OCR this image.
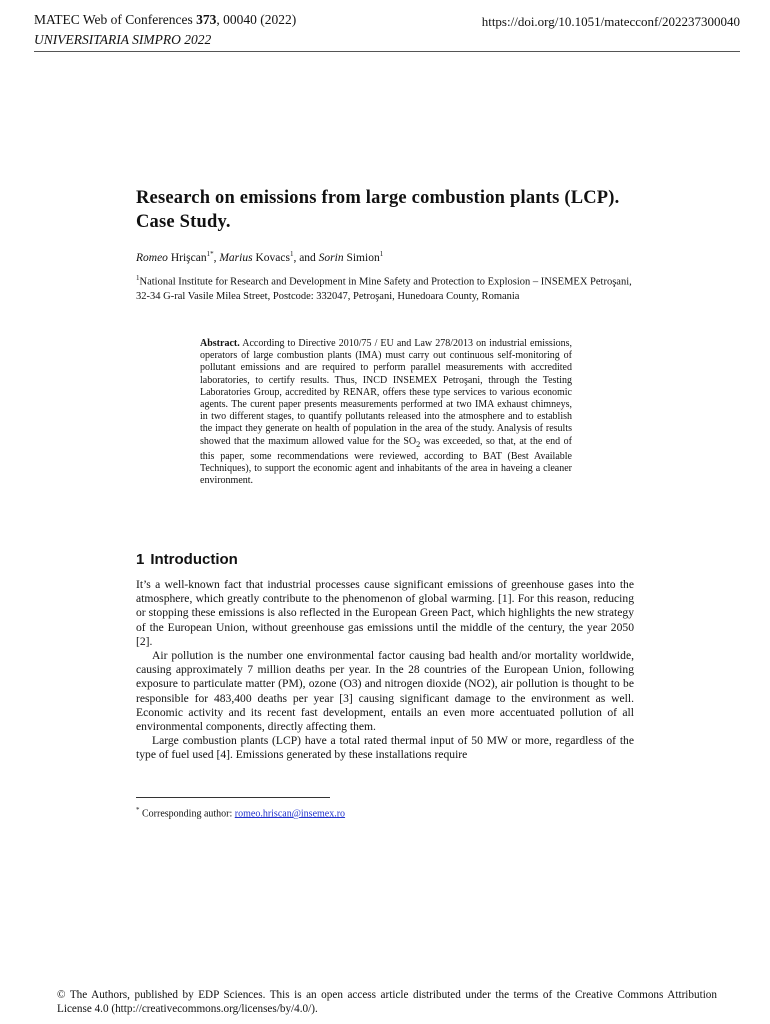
MATEC Web of Conferences 373, 00040 (2022)
UNIVERSITARIA SIMPRO 2022
https://doi.org/10.1051/matecconf/202237300040
Research on emissions from large combustion plants (LCP). Case Study.
Romeo Hrişcan$^{1*}$, Marius Kovacs$^1$, and Sorin Simion$^1$
$^1$National Institute for Research and Development in Mine Safety and Protection to Explosion – INSEMEX Petroşani, 32-34 G-ral Vasile Milea Street, Postcode: 332047, Petroşani, Hunedoara County, Romania
Abstract. According to Directive 2010/75 / EU and Law 278/2013 on industrial emissions, operators of large combustion plants (IMA) must carry out continuous self-monitoring of pollutant emissions and are required to perform parallel measurements with accredited laboratories, to certify results. Thus, INCD INSEMEX Petroşani, through the Testing Laboratories Group, accredited by RENAR, offers these type services to various economic agents. The curent paper presents measurements performed at two IMA exhaust chimneys, in two different stages, to quantify pollutants released into the atmosphere and to establish the impact they generate on health of population in the area of the study. Analysis of results showed that the maximum allowed value for the $SO_2$ was exceeded, so that, at the end of this paper, some recommendations were reviewed, according to BAT (Best Available Techniques), to support the economic agent and inhabitants of the area in haveing a cleaner environment.
1 Introduction

It’s a well-known fact that industrial processes cause significant emissions of greenhouse gases into the atmosphere, which greatly contribute to the phenomenon of global warming. [1]. For this reason, reducing or stopping these emissions is also reflected in the European Green Pact, which highlights the new strategy of the European Union, without greenhouse gas emissions until the middle of the century, the year 2050 [2].

Air pollution is the number one environmental factor causing bad health and/or mortality worldwide, causing approximately 7 million deaths per year. In the 28 countries of the European Union, following exposure to particulate matter (PM), ozone (O3) and nitrogen dioxide (NO2), air pollution is thought to be responsible for 483,400 deaths per year [3] causing significant damage to the environment as well. Economic activity and its recent fast development, entails an even more accentuated pollution of all environmental components, directly affecting them.

Large combustion plants (LCP) have a total rated thermal input of 50 MW or more, regardless of the type of fuel used [4]. Emissions generated by these installations require

* Corresponding author: romeo.hriscan@insemex.ro
© The Authors, published by EDP Sciences. This is an open access article distributed under the terms of the Creative Commons Attribution License 4.0 (http://creativecommons.org/licenses/by/4.0/).
